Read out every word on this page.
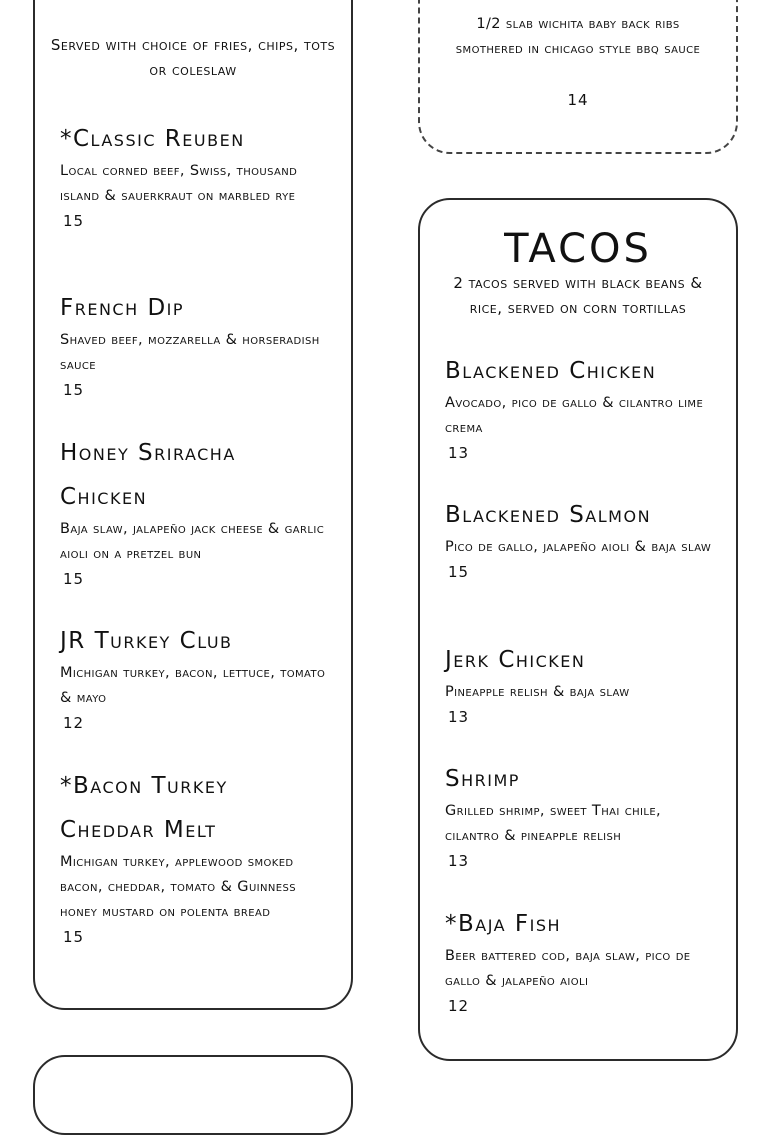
Served with choice of fries, chips, tots or coleslaw
*Classic Reuben
Local corned beef, Swiss, thousand island & sauerkraut on marbled rye
15
French Dip
Shaved beef, mozzarella & horseradish sauce
15
Honey Sriracha Chicken
Baja slaw, jalapeño jack cheese & garlic aioli on a pretzel bun
15
JR Turkey Club
Michigan turkey, bacon, lettuce, tomato & mayo
12
*Bacon Turkey Cheddar Melt
Michigan turkey, applewood smoked bacon, cheddar, tomato & Guinness honey mustard on polenta bread
15
1/2 slab wichita baby back ribs smothered in chicago style bbq sauce
14
TACOS
2 tacos served with black beans & rice, served on corn tortillas
Blackened Chicken
Avocado, pico de gallo & cilantro lime crema
13
Blackened Salmon
Pico de gallo, jalapeño aioli & baja slaw
15
Jerk Chicken
Pineapple relish & baja slaw
13
Shrimp
Grilled shrimp, sweet Thai chile, cilantro & pineapple relish
13
*Baja Fish
Beer battered cod, baja slaw, pico de gallo & jalapeño aioli
12
